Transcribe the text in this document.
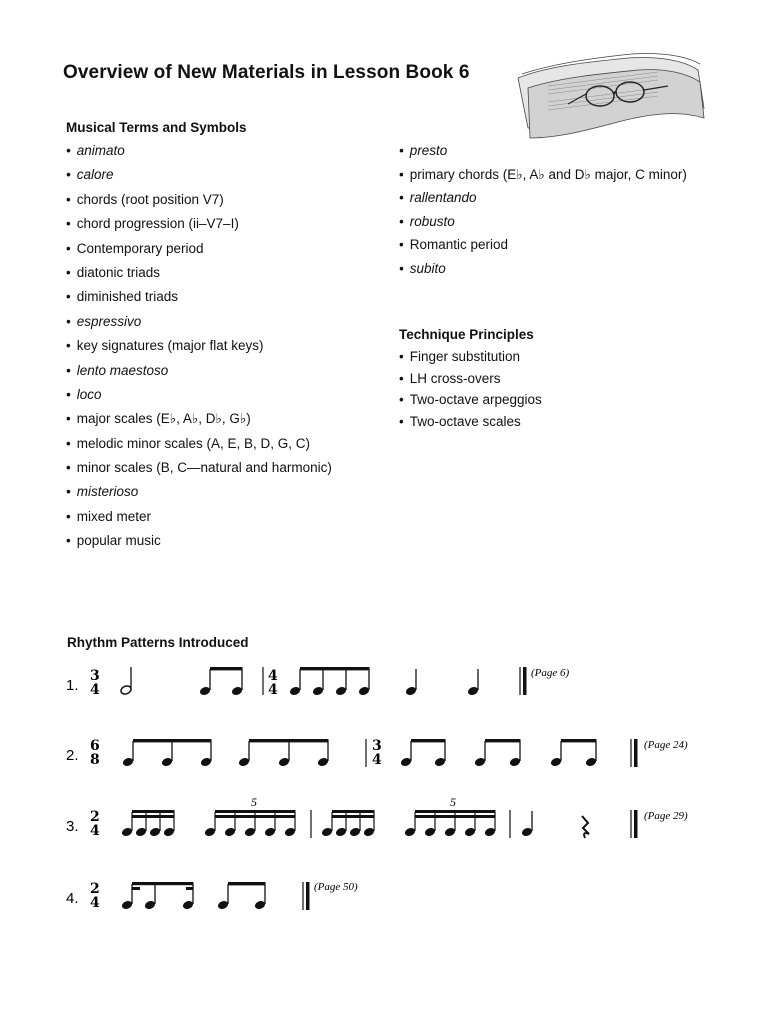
Overview of New Materials in Lesson Book 6
Musical Terms and Symbols
• animato
• calore
• chords (root position V7)
• chord progression (ii–V7–I)
• Contemporary period
• diatonic triads
• diminished triads
• espressivo
• key signatures (major flat keys)
• lento maestoso
• loco
• major scales (E♭, A♭, D♭, G♭)
• melodic minor scales (A, E, B, D, G, C)
• minor scales (B, C—natural and harmonic)
• misterioso
• mixed meter
• popular music
• presto
• primary chords (E♭, A♭ and D♭ major, C minor)
• rallentando
• robusto
• Romantic period
• subito
Technique Principles
• Finger substitution
• LH cross-overs
• Two-octave arpeggios
• Two-octave scales
Rhythm Patterns Introduced
1.
3
4
4
4
(Page 6)
2.
6
8
3
4
(Page 24)
3.
2
4
5	5
(Page 29)
4.
2
4
(Page 50)
